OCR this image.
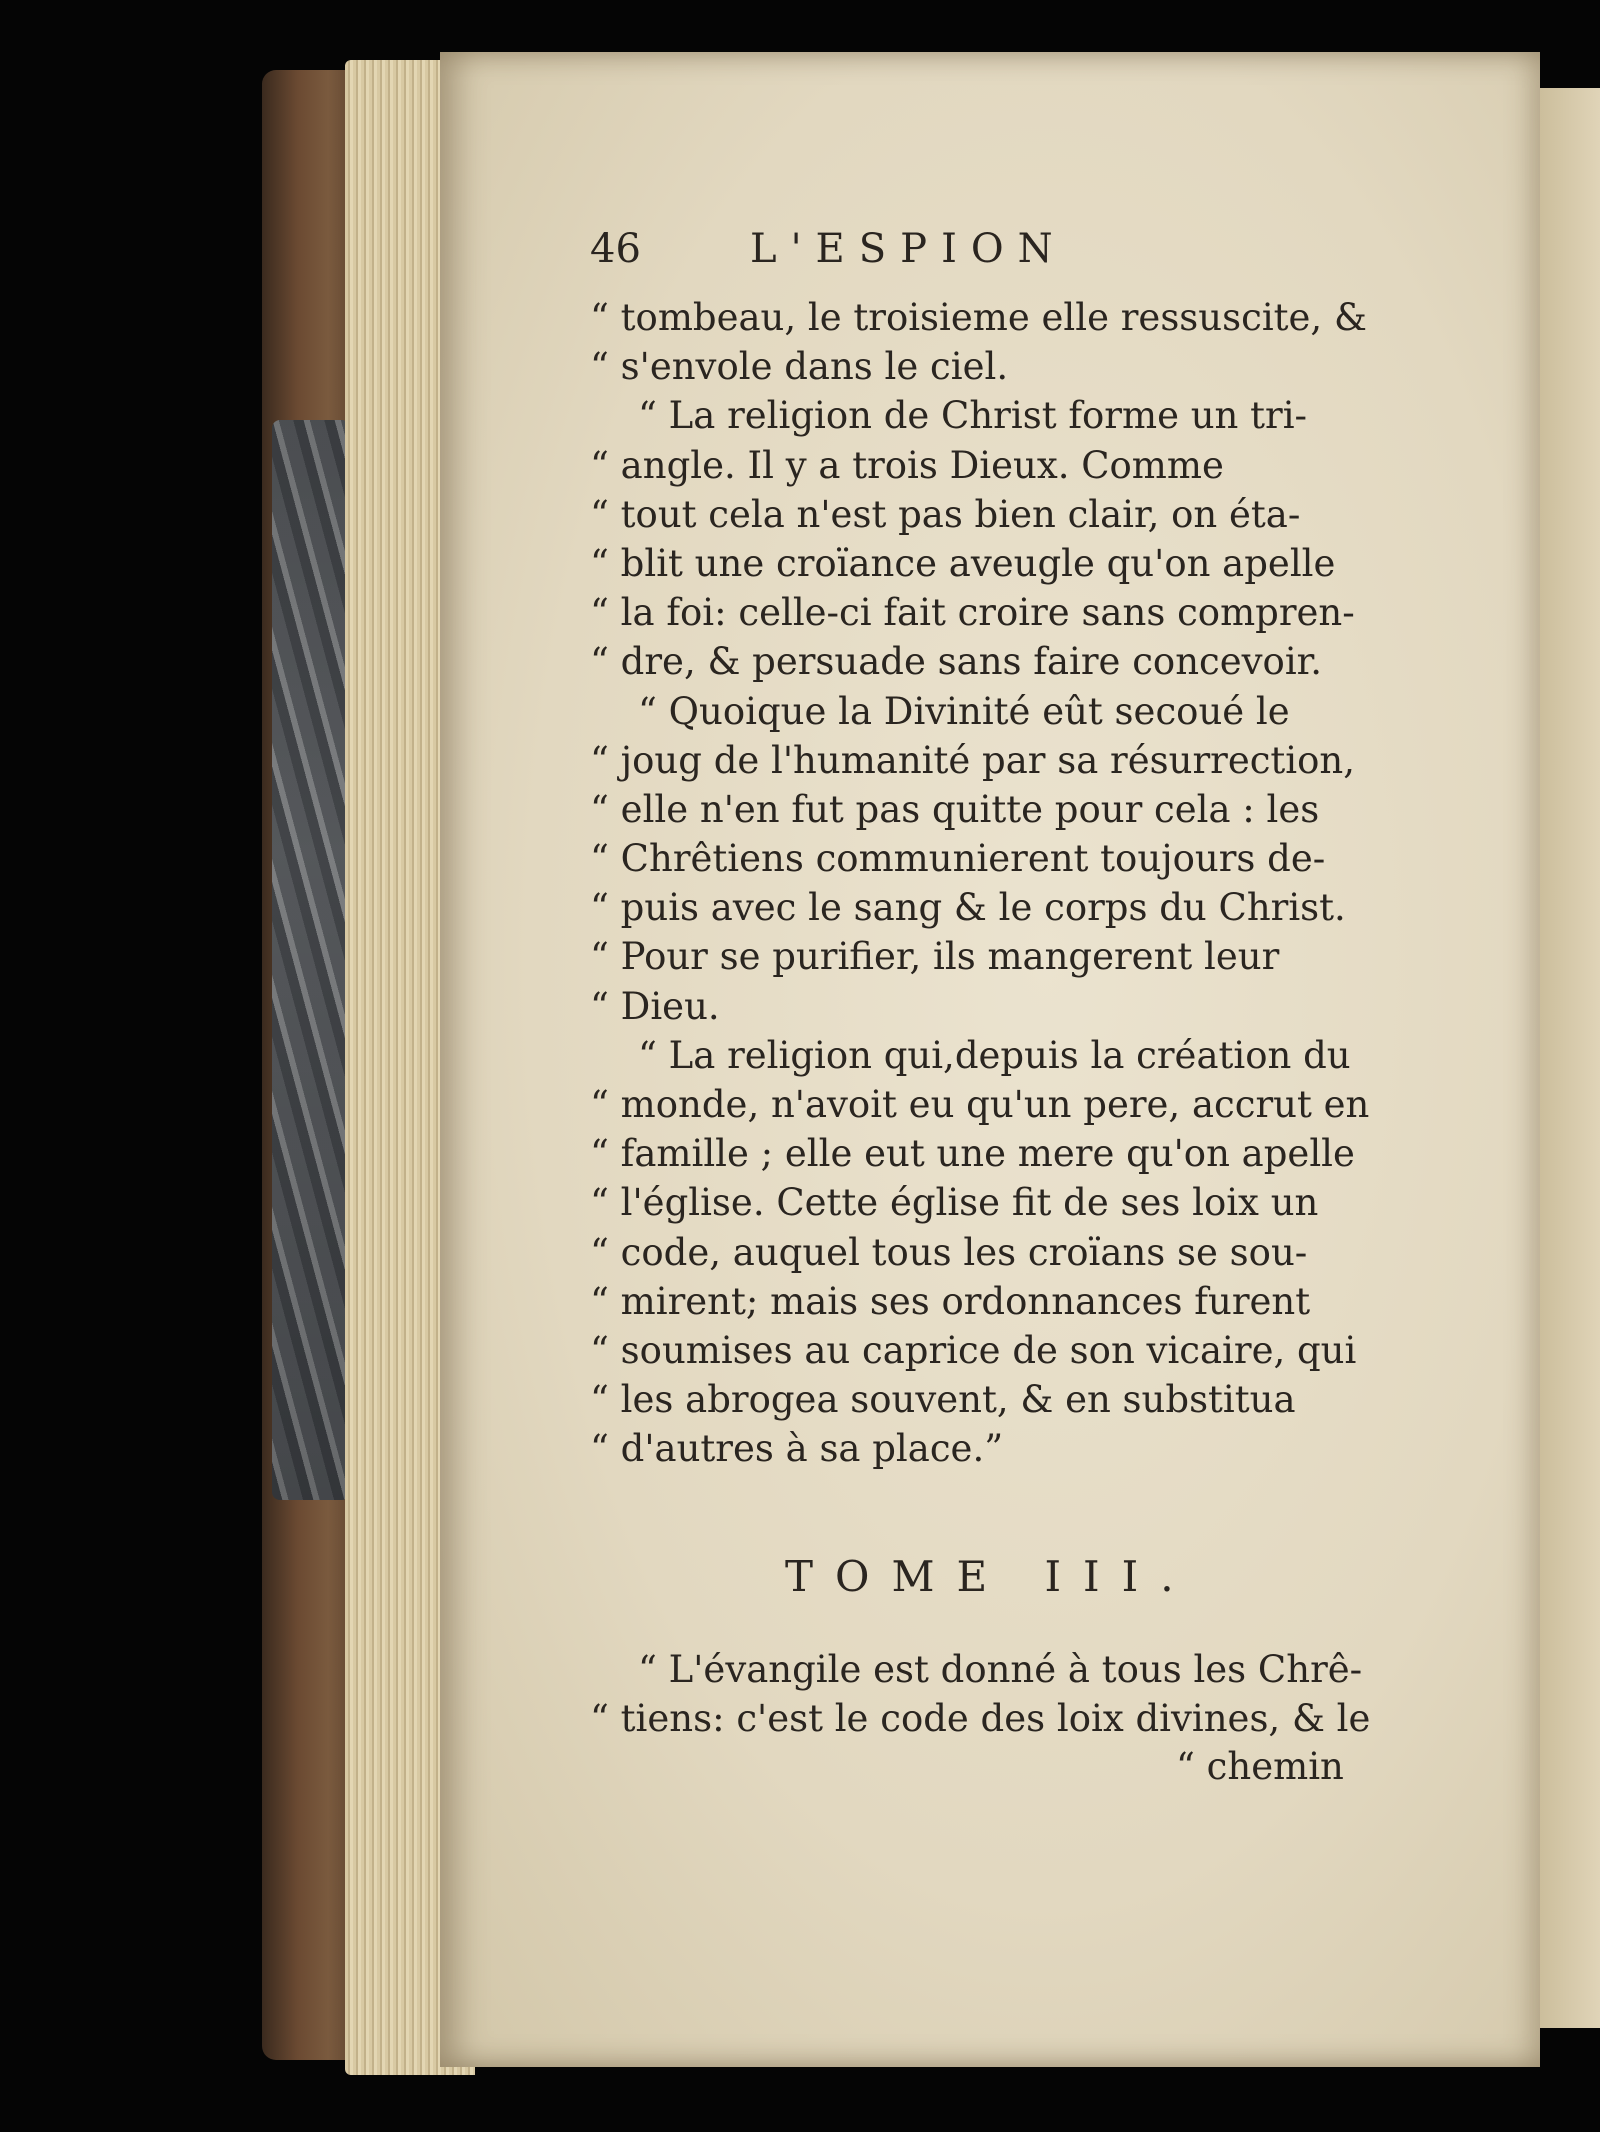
46	L'ESPION
“ tombeau, le troisieme elle ressuscite, &
“ s'envole dans le ciel.
“ La religion de Christ forme un tri-
“ angle. Il y a trois Dieux. Comme
“ tout cela n'est pas bien clair, on éta-
“ blit une croïance aveugle qu'on apelle
“ la foi: celle-ci fait croire sans compren-
“ dre, & persuade sans faire concevoir.
“ Quoique la Divinité eût secoué le
“ joug de l'humanité par sa résurrection,
“ elle n'en fut pas quitte pour cela : les
“ Chrêtiens communierent toujours de-
“ puis avec le sang & le corps du Christ.
“ Pour se purifier, ils mangerent leur
“ Dieu.
“ La religion qui,depuis la création du
“ monde, n'avoit eu qu'un pere, accrut en
“ famille ; elle eut une mere qu'on apelle
“ l'église. Cette église fit de ses loix un
“ code, auquel tous les croïans se sou-
“ mirent; mais ses ordonnances furent
“ soumises au caprice de son vicaire, qui
“ les abrogea souvent, & en substitua
“ d'autres à sa place.”
TOME III.
“ L'évangile est donné à tous les Chrê-
“ tiens: c'est le code des loix divines, & le
“ chemin
